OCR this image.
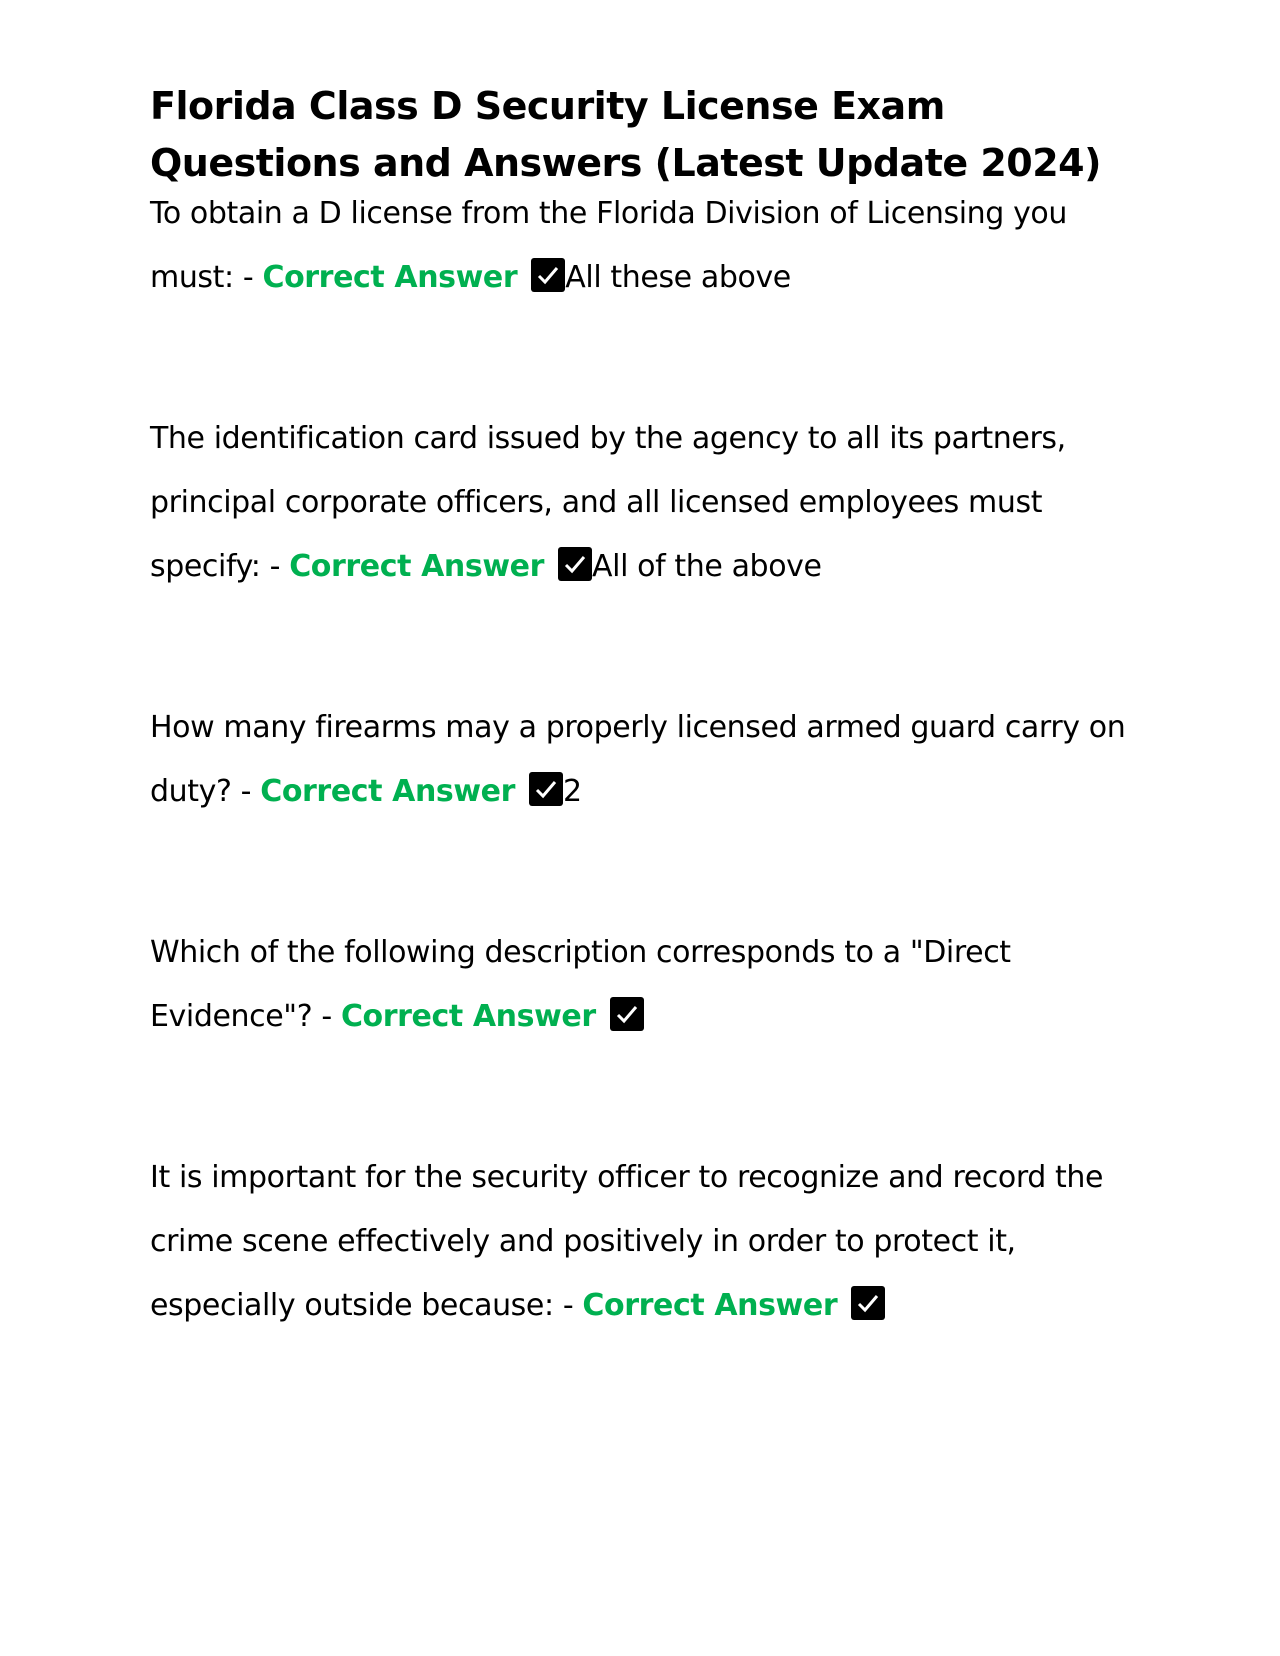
Florida Class D Security License Exam Questions and Answers (Latest Update 2024)

To obtain a D license from the Florida Division of Licensing you must: - Correct Answer All these above

The identification card issued by the agency to all its partners, principal corporate officers, and all licensed employees must specify: - Correct Answer All of the above

How many firearms may a properly licensed armed guard carry on duty? - Correct Answer 2

Which of the following description corresponds to a "Direct Evidence"? - Correct Answer

It is important for the security officer to recognize and record the crime scene effectively and positively in order to protect it, especially outside because: - Correct Answer
